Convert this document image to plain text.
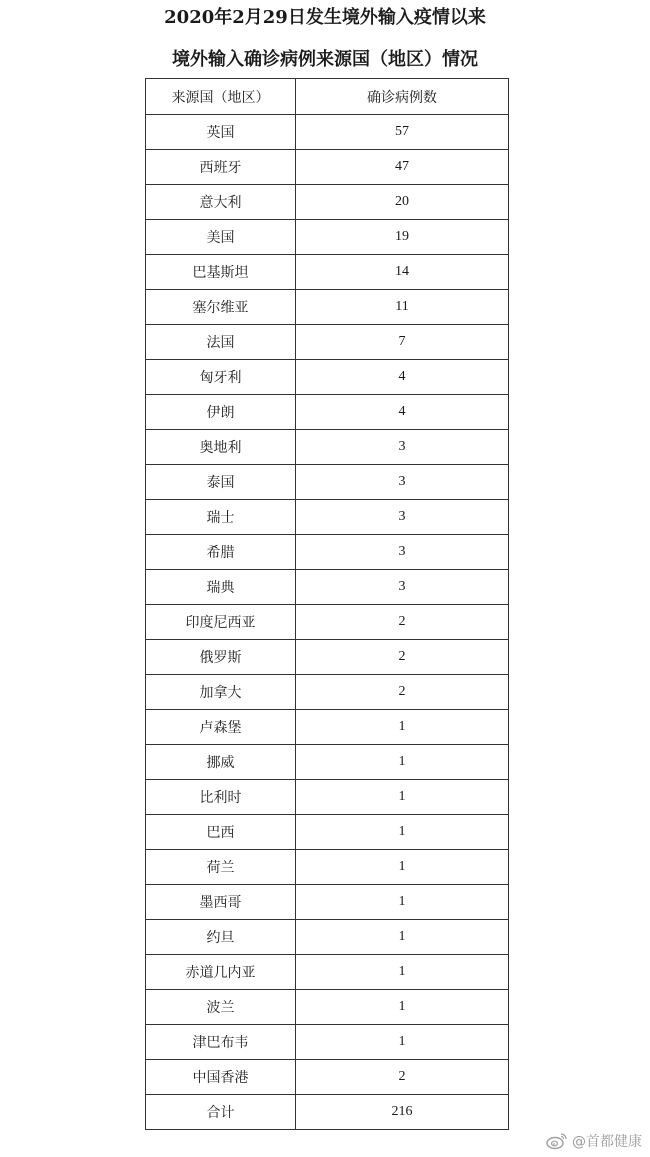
2020年2月29日发生境外输入疫情以来
境外输入确诊病例来源国（地区）情况
来源国（地区）	确诊病例数
英国	57
西班牙	47
意大利	20
美国	19
巴基斯坦	14
塞尔维亚	11
法国	7
匈牙利	4
伊朗	4
奥地利	3
泰国	3
瑞士	3
希腊	3
瑞典	3
印度尼西亚	2
俄罗斯	2
加拿大	2
卢森堡	1
挪威	1
比利时	1
巴西	1
荷兰	1
墨西哥	1
约旦	1
赤道几内亚	1
波兰	1
津巴布韦	1
中国香港	2
合计	216
@首都健康
